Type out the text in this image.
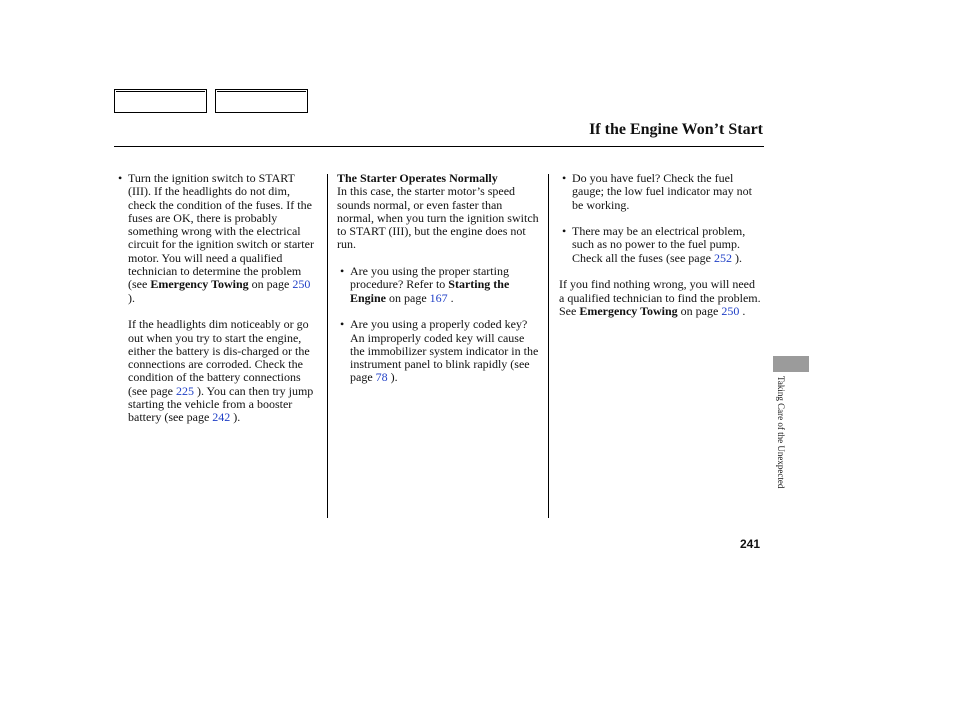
If the Engine Won’t Start
• Turn the ignition switch to START (III). If the headlights do not dim, check the condition of the fuses. If the fuses are OK, there is probably something wrong with the electrical circuit for the ignition switch or starter motor. You will need a qualified technician to determine the problem (see Emergency Towing on page 250 ).
If the headlights dim noticeably or go out when you try to start the engine, either the battery is dis-charged or the connections are corroded. Check the condition of the battery connections (see page 225 ). You can then try jump starting the vehicle from a booster battery (see page 242 ).
The Starter Operates Normally
In this case, the starter motor’s speed sounds normal, or even faster than normal, when you turn the ignition switch to START (III), but the engine does not run.
• Are you using the proper starting procedure? Refer to Starting the Engine on page 167 .
• Are you using a properly coded key? An improperly coded key will cause the immobilizer system indicator in the instrument panel to blink rapidly (see page 78 ).
• Do you have fuel? Check the fuel gauge; the low fuel indicator may not be working.
• There may be an electrical problem, such as no power to the fuel pump. Check all the fuses (see page 252 ).
If you find nothing wrong, you will need a qualified technician to find the problem. See Emergency Towing on page 250 .
Taking Care of the Unexpected
241
